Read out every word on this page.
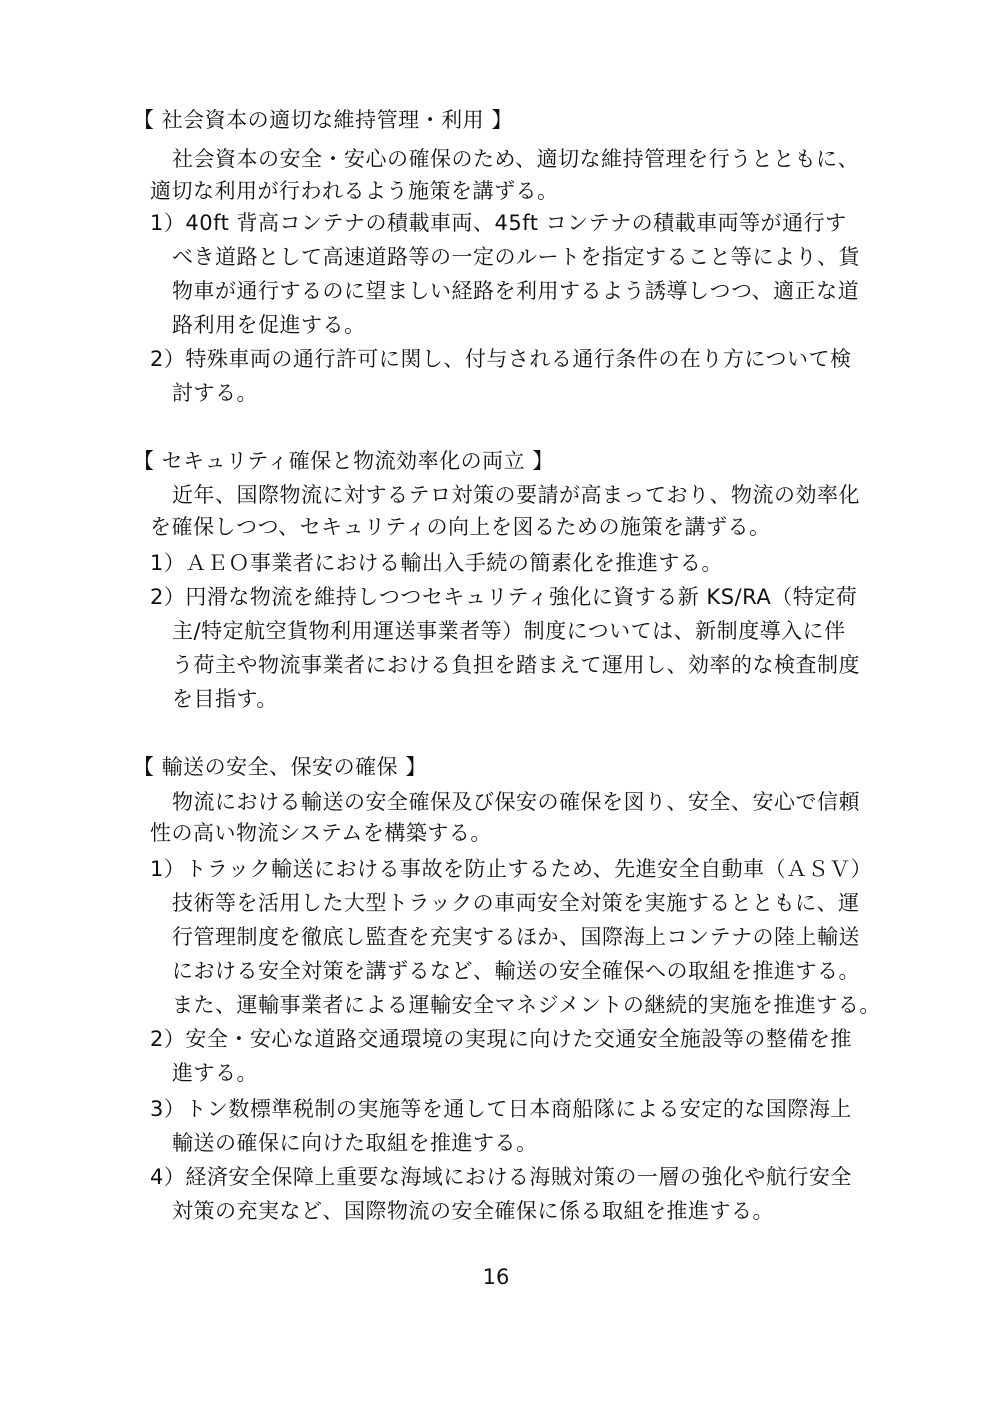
【 社会資本の適切な維持管理・利用 】
社会資本の安全・安心の確保のため、適切な維持管理を行うとともに、
適切な利用が行われるよう施策を講ずる。
1）40ft 背高コンテナの積載車両、45ft コンテナの積載車両等が通行す
べき道路として高速道路等の一定のルートを指定すること等により、貨
物車が通行するのに望ましい経路を利用するよう誘導しつつ、適正な道
路利用を促進する。
2）特殊車両の通行許可に関し、付与される通行条件の在り方について検
討する。
【 セキュリティ確保と物流効率化の両立 】
近年、国際物流に対するテロ対策の要請が高まっており、物流の効率化
を確保しつつ、セキュリティの向上を図るための施策を講ずる。
1）ＡＥＯ事業者における輸出入手続の簡素化を推進する。
2）円滑な物流を維持しつつセキュリティ強化に資する新 KS/RA（特定荷
主/特定航空貨物利用運送事業者等）制度については、新制度導入に伴
う荷主や物流事業者における負担を踏まえて運用し、効率的な検査制度
を目指す。
【 輸送の安全、保安の確保 】
物流における輸送の安全確保及び保安の確保を図り、安全、安心で信頼
性の高い物流システムを構築する。
1）トラック輸送における事故を防止するため、先進安全自動車（ＡＳＶ）
技術等を活用した大型トラックの車両安全対策を実施するとともに、運
行管理制度を徹底し監査を充実するほか、国際海上コンテナの陸上輸送
における安全対策を講ずるなど、輸送の安全確保への取組を推進する。
また、運輸事業者による運輸安全マネジメントの継続的実施を推進する。
2）安全・安心な道路交通環境の実現に向けた交通安全施設等の整備を推
進する。
3）トン数標準税制の実施等を通して日本商船隊による安定的な国際海上
輸送の確保に向けた取組を推進する。
4）経済安全保障上重要な海域における海賊対策の一層の強化や航行安全
対策の充実など、国際物流の安全確保に係る取組を推進する。
16
